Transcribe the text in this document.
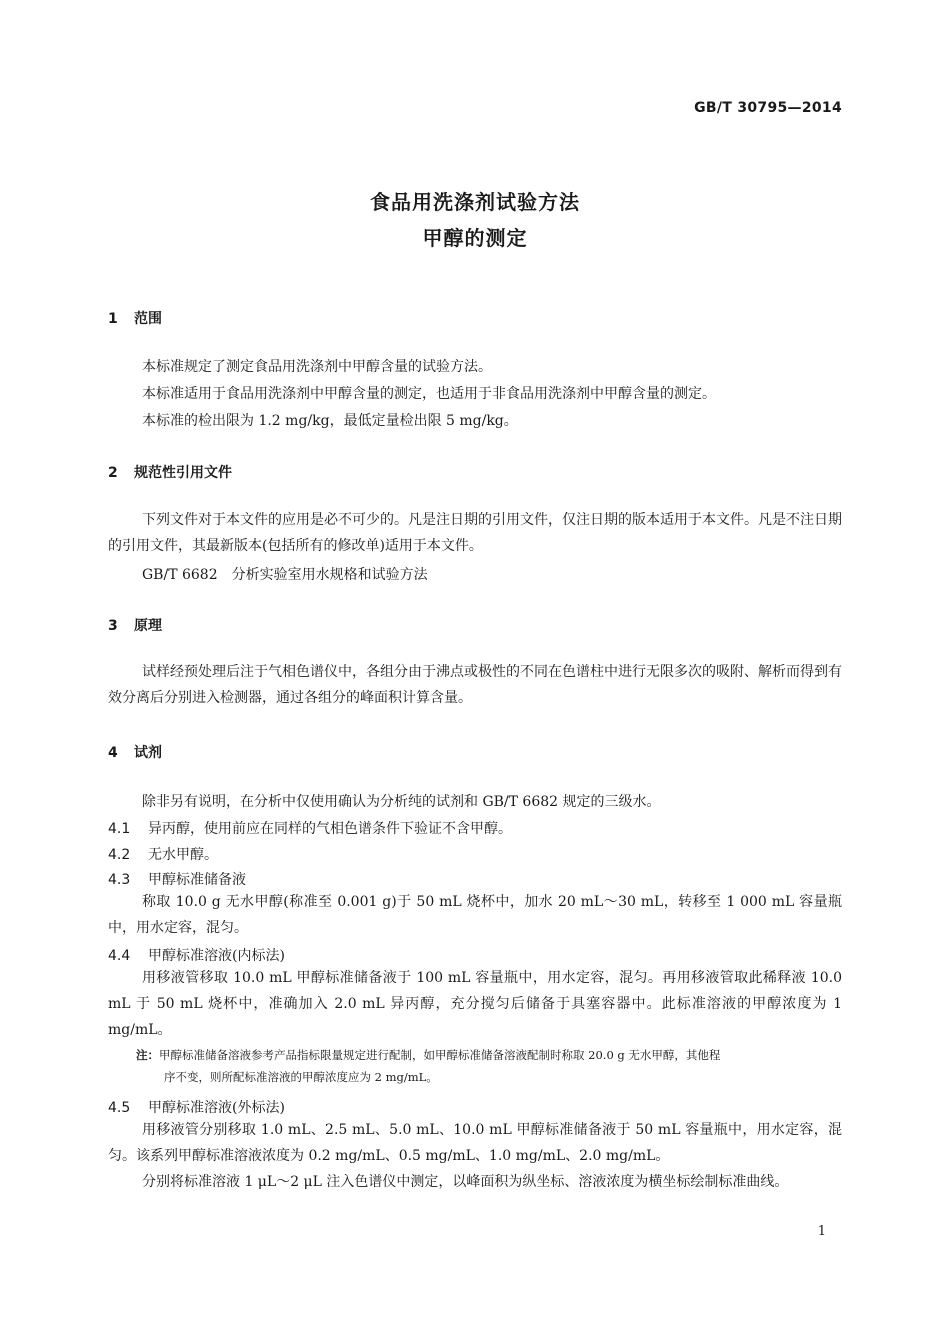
GB/T 30795—2014
食品用洗涤剂试验方法
甲醇的测定
1 范围
本标准规定了测定食品用洗涤剂中甲醇含量的试验方法。
本标准适用于食品用洗涤剂中甲醇含量的测定，也适用于非食品用洗涤剂中甲醇含量的测定。
本标准的检出限为 1.2 mg/kg，最低定量检出限 5 mg/kg。
2 规范性引用文件
下列文件对于本文件的应用是必不可少的。凡是注日期的引用文件，仅注日期的版本适用于本文件。凡是不注日期的引用文件，其最新版本(包括所有的修改单)适用于本文件。
GB/T 6682　分析实验室用水规格和试验方法
3 原理
试样经预处理后注于气相色谱仪中，各组分由于沸点或极性的不同在色谱柱中进行无限多次的吸附、解析而得到有效分离后分别进入检测器，通过各组分的峰面积计算含量。
4 试剂
除非另有说明，在分析中仅使用确认为分析纯的试剂和 GB/T 6682 规定的三级水。
4.1 异丙醇，使用前应在同样的气相色谱条件下验证不含甲醇。
4.2 无水甲醇。
4.3 甲醇标准储备液
称取 10.0 g 无水甲醇(称准至 0.001 g)于 50 mL 烧杯中，加水 20 mL～30 mL，转移至 1 000 mL 容量瓶中，用水定容，混匀。
4.4 甲醇标准溶液(内标法)
用移液管移取 10.0 mL 甲醇标准储备液于 100 mL 容量瓶中，用水定容，混匀。再用移液管取此稀释液 10.0 mL 于 50 mL 烧杯中，准确加入 2.0 mL 异丙醇，充分搅匀后储备于具塞容器中。此标准溶液的甲醇浓度为 1 mg/mL。
注：甲醇标准储备溶液参考产品指标限量规定进行配制，如甲醇标准储备溶液配制时称取 20.0 g 无水甲醇，其他程
序不变，则所配标准溶液的甲醇浓度应为 2 mg/mL。
4.5 甲醇标准溶液(外标法)
用移液管分别移取 1.0 mL、2.5 mL、5.0 mL、10.0 mL 甲醇标准储备液于 50 mL 容量瓶中，用水定容，混匀。该系列甲醇标准溶液浓度为 0.2 mg/mL、0.5 mg/mL、1.0 mg/mL、2.0 mg/mL。
分别将标准溶液 1 μL～2 μL 注入色谱仪中测定，以峰面积为纵坐标、溶液浓度为横坐标绘制标准曲线。
1
